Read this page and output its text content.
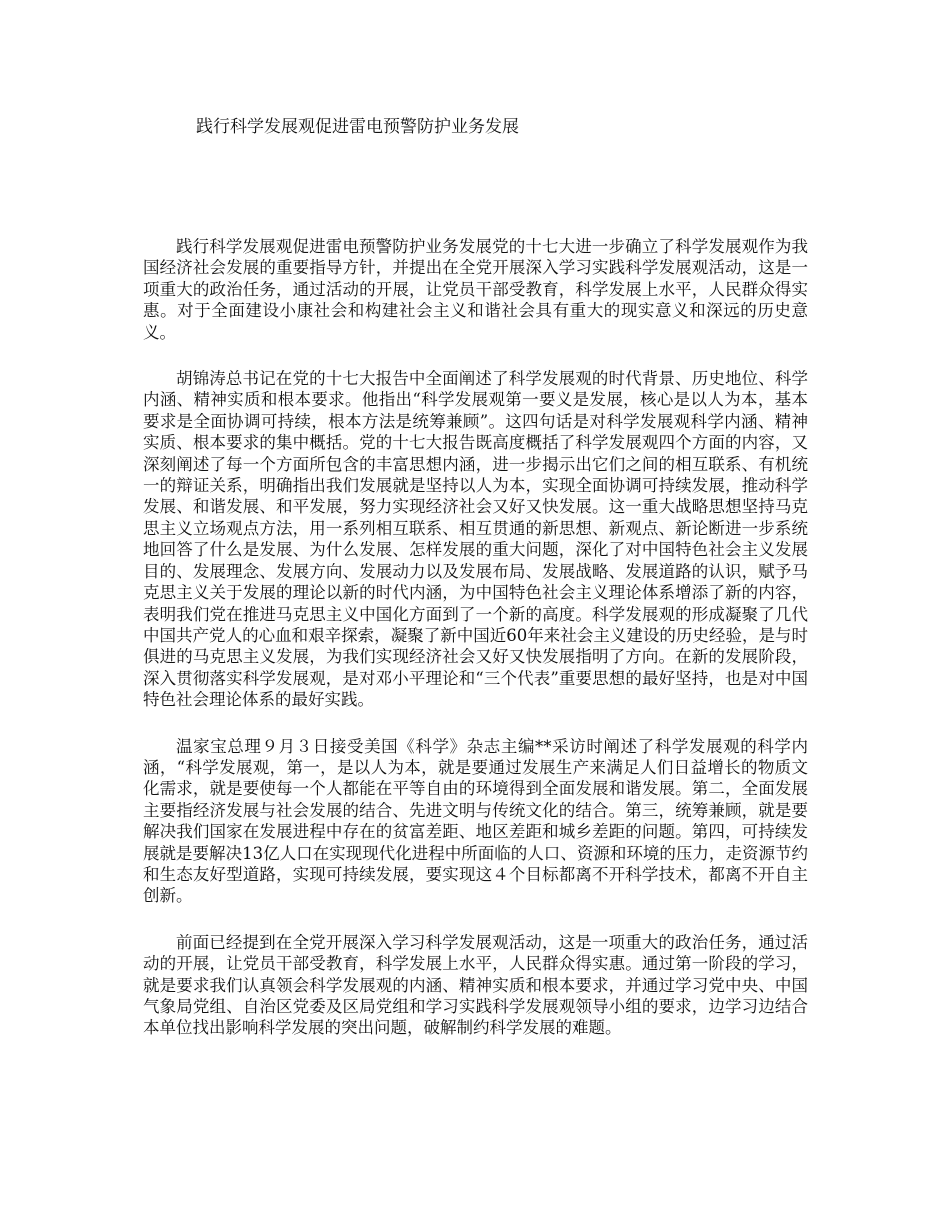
践行科学发展观促进雷电预警防护业务发展

践行科学发展观促进雷电预警防护业务发展党的十七大进一步确立了科学发展观作为我国经济社会发展的重要指导方针，并提出在全党开展深入学习实践科学发展观活动，这是一项重大的政治任务，通过活动的开展，让党员干部受教育，科学发展上水平，人民群众得实惠。对于全面建设小康社会和构建社会主义和谐社会具有重大的现实意义和深远的历史意义。

胡锦涛总书记在党的十七大报告中全面阐述了科学发展观的时代背景、历史地位、科学内涵、精神实质和根本要求。他指出“科学发展观第一要义是发展，核心是以人为本，基本要求是全面协调可持续，根本方法是统筹兼顾”。这四句话是对科学发展观科学内涵、精神实质、根本要求的集中概括。党的十七大报告既高度概括了科学发展观四个方面的内容，又深刻阐述了每一个方面所包含的丰富思想内涵，进一步揭示出它们之间的相互联系、有机统一的辩证关系，明确指出我们发展就是坚持以人为本，实现全面协调可持续发展，推动科学发展、和谐发展、和平发展，努力实现经济社会又好又快发展。这一重大战略思想坚持马克思主义立场观点方法，用一系列相互联系、相互贯通的新思想、新观点、新论断进一步系统地回答了什么是发展、为什么发展、怎样发展的重大问题，深化了对中国特色社会主义发展目的、发展理念、发展方向、发展动力以及发展布局、发展战略、发展道路的认识，赋予马克思主义关于发展的理论以新的时代内涵，为中国特色社会主义理论体系增添了新的内容，表明我们党在推进马克思主义中国化方面到了一个新的高度。科学发展观的形成凝聚了几代中国共产党人的心血和艰辛探索，凝聚了新中国近60年来社会主义建设的历史经验，是与时俱进的马克思主义发展，为我们实现经济社会又好又快发展指明了方向。在新的发展阶段，深入贯彻落实科学发展观，是对邓小平理论和“三个代表”重要思想的最好坚持，也是对中国特色社会理论体系的最好实践。

温家宝总理９月３日接受美国《科学》杂志主编**采访时阐述了科学发展观的科学内涵，“科学发展观，第一，是以人为本，就是要通过发展生产来满足人们日益增长的物质文化需求，就是要使每一个人都能在平等自由的环境得到全面发展和谐发展。第二，全面发展主要指经济发展与社会发展的结合、先进文明与传统文化的结合。第三，统筹兼顾，就是要解决我们国家在发展进程中存在的贫富差距、地区差距和城乡差距的问题。第四，可持续发展就是要解决13亿人口在实现现代化进程中所面临的人口、资源和环境的压力，走资源节约和生态友好型道路，实现可持续发展，要实现这４个目标都离不开科学技术，都离不开自主创新。

前面已经提到在全党开展深入学习科学发展观活动，这是一项重大的政治任务，通过活动的开展，让党员干部受教育，科学发展上水平，人民群众得实惠。通过第一阶段的学习，就是要求我们认真领会科学发展观的内涵、精神实质和根本要求，并通过学习党中央、中国气象局党组、自治区党委及区局党组和学习实践科学发展观领导小组的要求，边学习边结合本单位找出影响科学发展的突出问题，破解制约科学发展的难题。
